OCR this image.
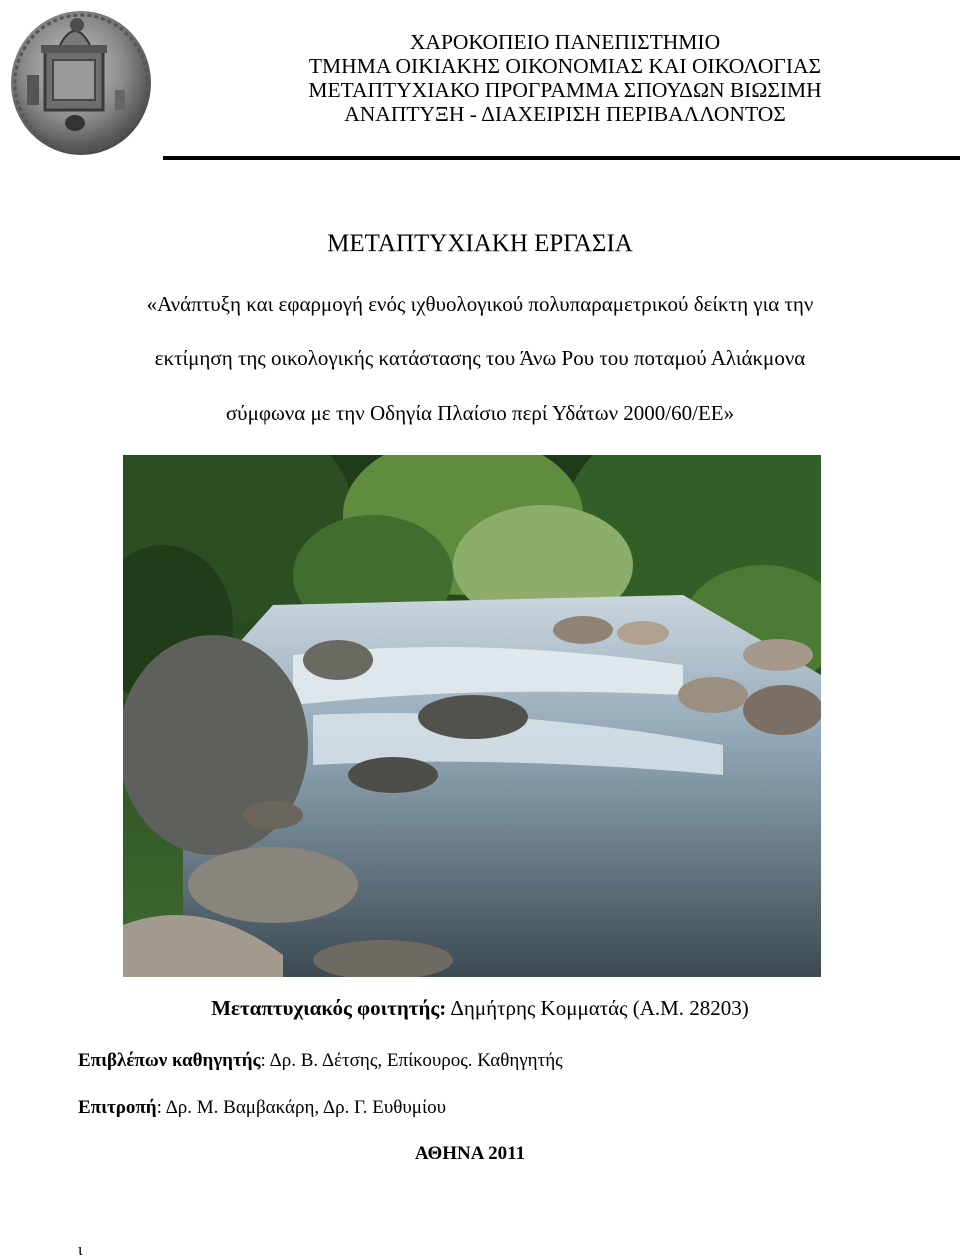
ΧΑΡΟΚΟΠΕΙΟ ΠΑΝΕΠΙΣΤΗΜΙΟ
ΤΜΗΜΑ ΟΙΚΙΑΚΗΣ ΟΙΚΟΝΟΜΙΑΣ ΚΑΙ ΟΙΚΟΛΟΓΙΑΣ
ΜΕΤΑΠΤΥΧΙΑΚΟ ΠΡΟΓΡΑΜΜΑ ΣΠΟΥΔΩΝ ΒΙΩΣΙΜΗ
ΑΝΑΠΤΥΞΗ - ΔΙΑΧΕΙΡΙΣΗ ΠΕΡΙΒΑΛΛΟΝΤΟΣ
ΜΕΤΑΠΤΥΧΙΑΚΗ ΕΡΓΑΣΙΑ
«Ανάπτυξη και εφαρμογή ενός ιχθυολογικού πολυπαραμετρικού δείκτη για την
εκτίμηση της οικολογικής κατάστασης του Άνω Ρου του ποταμού Αλιάκμονα
σύμφωνα με την Οδηγία Πλαίσιο περί Υδάτων 2000/60/ΕΕ»
Μεταπτυχιακός φοιτητής: Δημήτρης Κομματάς (Α.Μ. 28203)
Επιβλέπων καθηγητής: Δρ. Β. Δέτσης, Επίκουρος. Καθηγητής
Επιτροπή: Δρ. Μ. Βαμβακάρη, Δρ. Γ. Ευθυμίου
ΑΘΗΝΑ 2011
ι
